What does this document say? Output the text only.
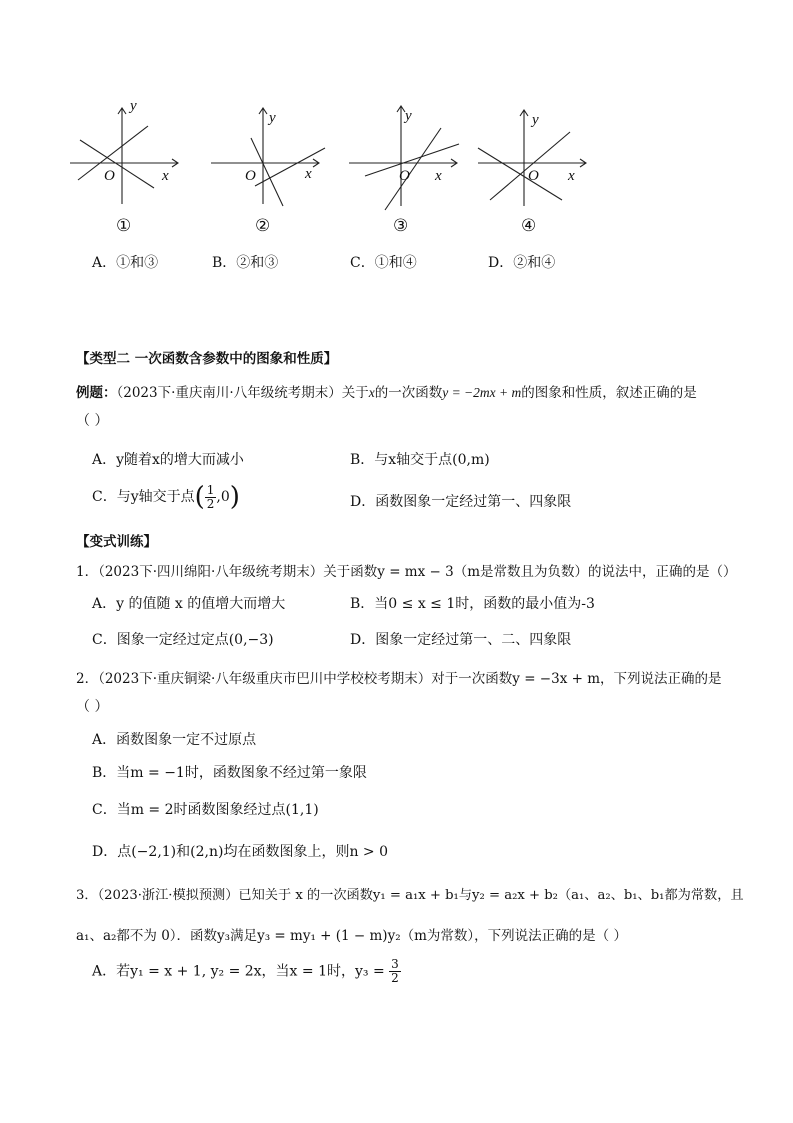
y
x
O
①
y
x
O
②
y
x
O
③
y
x
O
④
A．①和③	B．②和③	C．①和④	D．②和④
【类型二 一次函数含参数中的图象和性质】
例题：（2023下·重庆南川·八年级统考期末）关于x的一次函数y = −2mx + m的图象和性质，叙述正确的是
（ ）
A．y随着x的增大而减小	B．与x轴交于点(0,m)
C．与y轴交于点( $\frac{1}{2} ,0$)	D．函数图象一定经过第一、四象限
【变式训练】
1．（2023下·四川绵阳·八年级统考期末）关于函数y = mx − 3（m是常数且为负数）的说法中，正确的是（）
A．y 的值随 x 的值增大而增大	B．当0 ≤ x ≤ 1时，函数的最小值为-3
C．图象一定经过定点(0,−3)	D．图象一定经过第一、二、四象限
2．（2023下·重庆铜梁·八年级重庆市巴川中学校校考期末）对于一次函数y = −3x + m，下列说法正确的是
（ ）
A．函数图象一定不过原点
B．当m = −1时，函数图象不经过第一象限
C．当m = 2时函数图象经过点(1,1)
D．点(−2,1)和(2,n)均在函数图象上，则n > 0
3．（2023·浙江·模拟预测）已知关于 x 的一次函数y₁ = a₁x + b₁与y₂ = a₂x + b₂（a₁、a₂、b₁、b₁都为常数，且
a₁、a₂都不为 0）．函数y₃满足y₃ = my₁ + (1 − m)y₂（m为常数），下列说法正确的是（ ）
A．若y₁ = x + 1, y₂ = 2x，当x = 1时，$y_3 = \frac{3}{2}$
